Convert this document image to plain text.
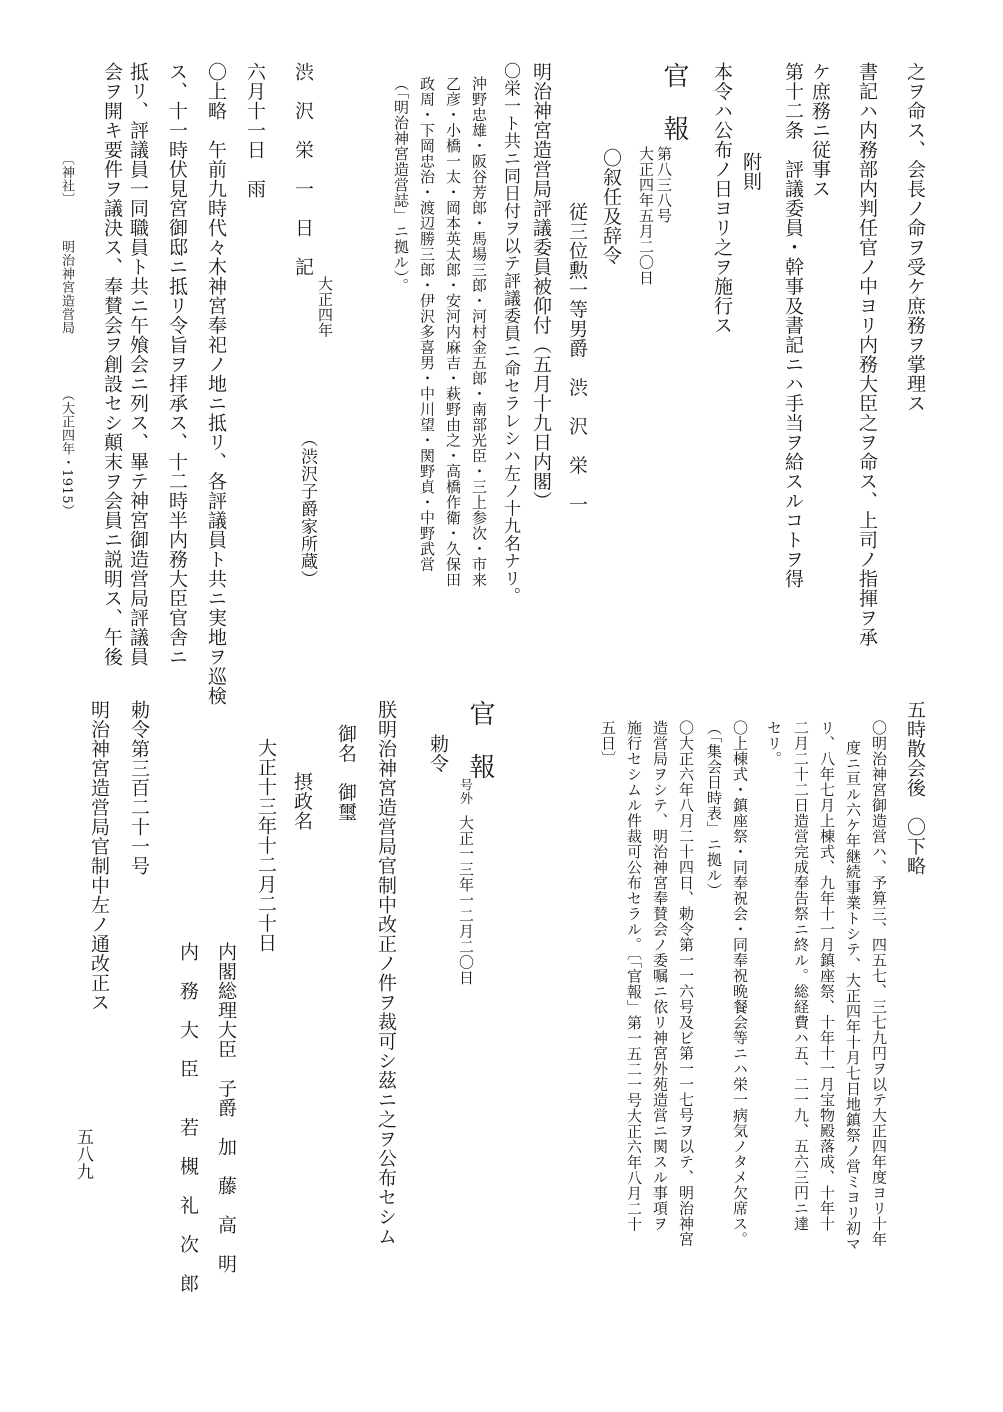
之ヲ命ス、会長ノ命ヲ受ケ庶務ヲ掌理ス
書記ハ内務部内判任官ノ中ヨリ内務大臣之ヲ命ス、上司ノ指揮ヲ承
ケ庶務ニ従事ス
第十二条　評議委員・幹事及書記ニハ手当ヲ給スルコトヲ得
附則
本令ハ公布ノ日ヨリ之ヲ施行ス
官　報
第八三八号
大正四年五月二〇日
〇叙任及辞令
従三位勲一等男爵　渋　沢　栄　一
明治神宮造営局評議委員被仰付（五月十九日内閣）
〇栄一ト共ニ同日付ヲ以テ評議委員ニ命セラレシハ左ノ十九名ナリ。
沖野忠雄・阪谷芳郎・馬場三郎・河村金五郎・南部光臣・三上参次・市来
乙彦・小橋一太・岡本英太郎・安河内麻吉・萩野由之・高橋作衛・久保田
政周・下岡忠治・渡辺勝三郎・伊沢多喜男・中川望・関野貞・中野武営
（「明治神宮造営誌」ニ拠ル）。
渋　沢　栄　一　日　記
大正四年
（渋沢子爵家所蔵）
六月十一日　雨
〇上略　午前九時代々木神宮奉祀ノ地ニ抵リ、各評議員ト共ニ実地ヲ巡検
ス、十一時伏見宮御邸ニ抵リ令旨ヲ拝承ス、十二時半内務大臣官舎ニ
抵リ、評議員一同職員ト共ニ午飧会ニ列ス、畢テ神宮御造営局評議員
会ヲ開キ要件ヲ議決ス、奉賛会ヲ創設セシ顛末ヲ会員ニ説明ス、午後
〔神社〕
明治神宮造営局
（大正四年・1915）
五時散会後　〇下略
〇明治神宮御造営ハ、予算三、四五七、三七九円ヲ以テ大正四年度ヨリ十年
度ニ亘ル六ケ年継続事業トシテ、大正四年十月七日地鎮祭ノ営ミヨリ初マ
リ、八年七月上棟式、九年十一月鎮座祭、十年十一月宝物殿落成、十年十
二月二十二日造営完成奉告祭ニ終ル。総経費ハ五、二一九、五六三円ニ達
セリ。
〇上棟式・鎮座祭・同奉祝会・同奉祝晩餐会等ニハ栄一病気ノタメ欠席ス。
（「集会日時表」ニ拠ル）
〇大正六年八月二十四日、勅令第一一六号及ビ第一一七号ヲ以テ、明治神宮
造営局ヲシテ、明治神宮奉賛会ノ委嘱ニ依リ神宮外苑造営ニ関スル事項ヲ
施行セシムル件裁可公布セラル。〔「官報」第一五二一号大正六年八月二十
五日〕
官　報
号外
大正一三年一二月二〇日
勅令
朕明治神宮造営局官制中改正ノ件ヲ裁可シ茲ニ之ヲ公布セシム
御名　御璽
摂政名
大正十三年十二月二十日
内閣総理大臣　子爵　加　藤　高　明
内　務　大　臣　　若　槻　礼　次　郎
勅令第三百二十一号
明治神宮造営局官制中左ノ通改正ス
五八九
